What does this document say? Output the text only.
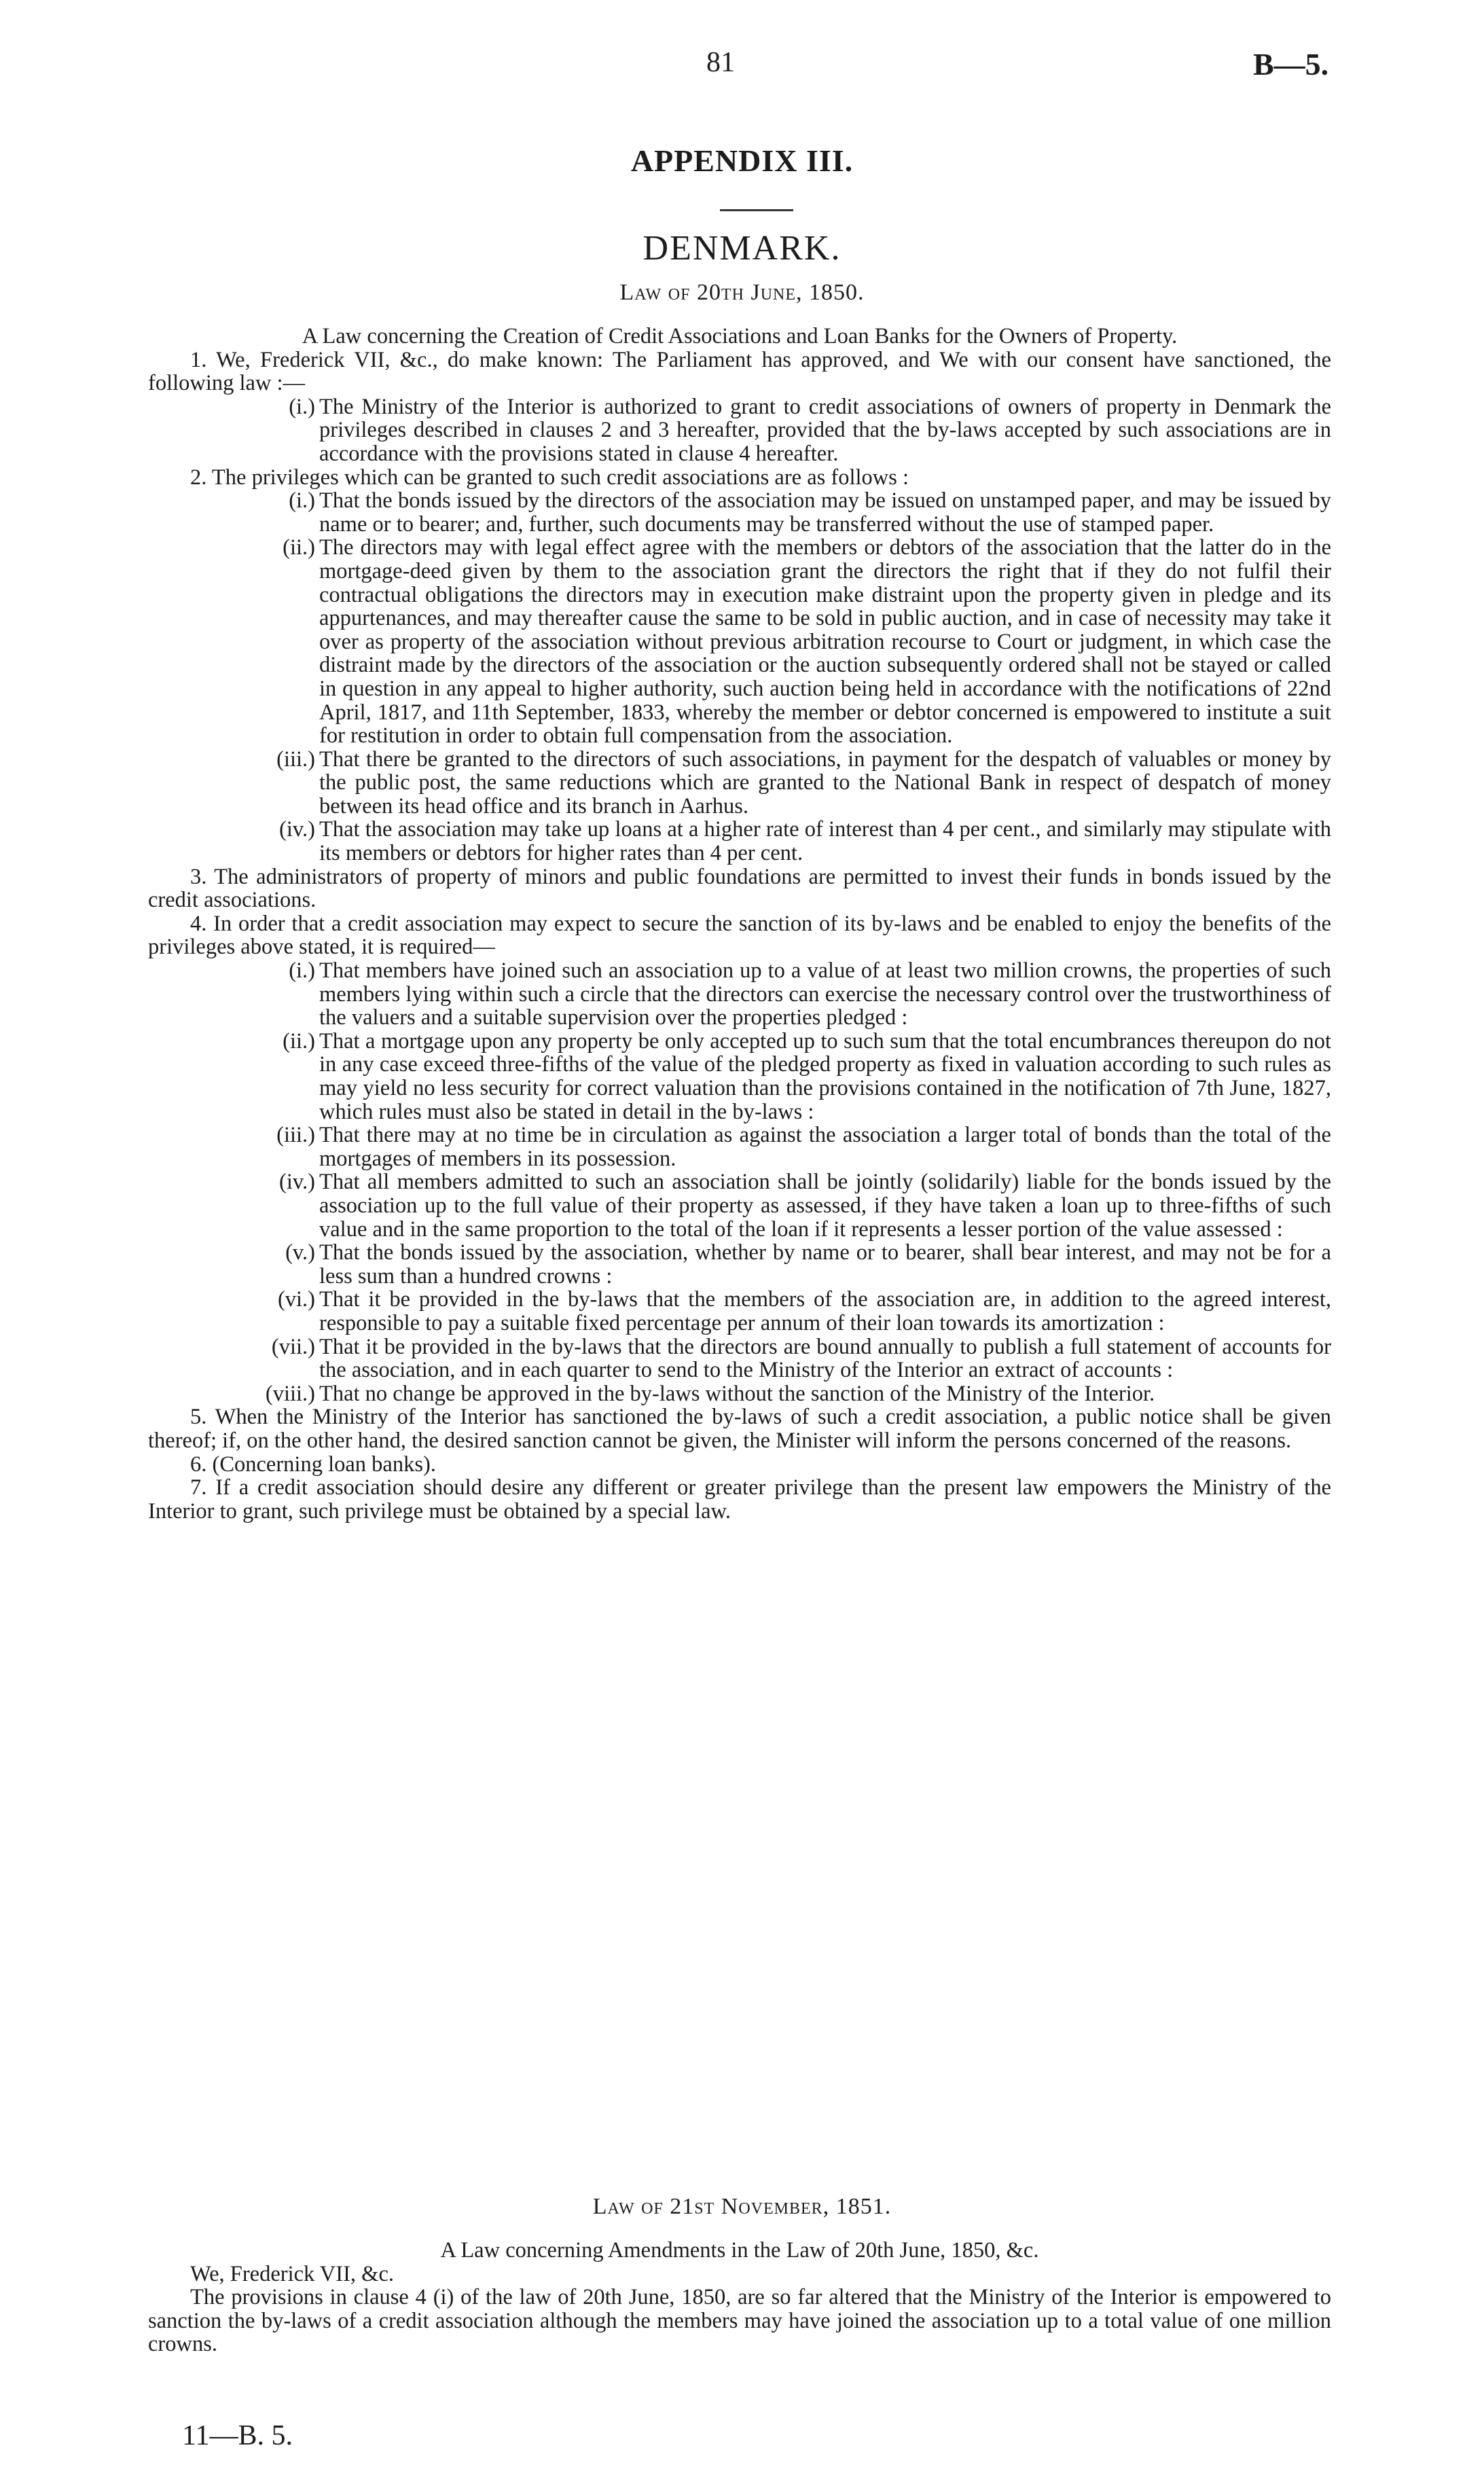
81	B—5.
APPENDIX III.
DENMARK.
Law of 20th June, 1850.

A Law concerning the Creation of Credit Associations and Loan Banks for the Owners of Property.

1. We, Frederick VII, &c., do make known: The Parliament has approved, and We with our consent have sanctioned, the following law :—

(i.) The Ministry of the Interior is authorized to grant to credit associations of owners of property in Denmark the privileges described in clauses 2 and 3 hereafter, provided that the by-laws accepted by such associations are in accordance with the provisions stated in clause 4 hereafter.

2. The privileges which can be granted to such credit associations are as follows :

(i.) That the bonds issued by the directors of the association may be issued on unstamped paper, and may be issued by name or to bearer; and, further, such documents may be transferred without the use of stamped paper.

(ii.) The directors may with legal effect agree with the members or debtors of the association that the latter do in the mortgage-deed given by them to the association grant the directors the right that if they do not fulfil their contractual obligations the directors may in execution make distraint upon the property given in pledge and its appurtenances, and may thereafter cause the same to be sold in public auction, and in case of necessity may take it over as property of the association without previous arbitration recourse to Court or judgment, in which case the distraint made by the directors of the association or the auction subsequently ordered shall not be stayed or called in question in any appeal to higher authority, such auction being held in accordance with the notifications of 22nd April, 1817, and 11th September, 1833, whereby the member or debtor concerned is empowered to institute a suit for restitution in order to obtain full compensation from the association.

(iii.) That there be granted to the directors of such associations, in payment for the despatch of valuables or money by the public post, the same reductions which are granted to the National Bank in respect of despatch of money between its head office and its branch in Aarhus.

(iv.) That the association may take up loans at a higher rate of interest than 4 per cent., and similarly may stipulate with its members or debtors for higher rates than 4 per cent.

3. The administrators of property of minors and public foundations are permitted to invest their funds in bonds issued by the credit associations.

4. In order that a credit association may expect to secure the sanction of its by-laws and be enabled to enjoy the benefits of the privileges above stated, it is required—

(i.) That members have joined such an association up to a value of at least two million crowns, the properties of such members lying within such a circle that the directors can exercise the necessary control over the trustworthiness of the valuers and a suitable supervision over the properties pledged :

(ii.) That a mortgage upon any property be only accepted up to such sum that the total encumbrances thereupon do not in any case exceed three-fifths of the value of the pledged property as fixed in valuation according to such rules as may yield no less security for correct valuation than the provisions contained in the notification of 7th June, 1827, which rules must also be stated in detail in the by-laws :

(iii.) That there may at no time be in circulation as against the association a larger total of bonds than the total of the mortgages of members in its possession.

(iv.) That all members admitted to such an association shall be jointly (solidarily) liable for the bonds issued by the association up to the full value of their property as assessed, if they have taken a loan up to three-fifths of such value and in the same proportion to the total of the loan if it represents a lesser portion of the value assessed :

(v.) That the bonds issued by the association, whether by name or to bearer, shall bear interest, and may not be for a less sum than a hundred crowns :

(vi.) That it be provided in the by-laws that the members of the association are, in addition to the agreed interest, responsible to pay a suitable fixed percentage per annum of their loan towards its amortization :

(vii.) That it be provided in the by-laws that the directors are bound annually to publish a full statement of accounts for the association, and in each quarter to send to the Ministry of the Interior an extract of accounts :

(viii.) That no change be approved in the by-laws without the sanction of the Ministry of the Interior.

5. When the Ministry of the Interior has sanctioned the by-laws of such a credit association, a public notice shall be given thereof; if, on the other hand, the desired sanction cannot be given, the Minister will inform the persons concerned of the reasons.

6. (Concerning loan banks).

7. If a credit association should desire any different or greater privilege than the present law empowers the Ministry of the Interior to grant, such privilege must be obtained by a special law.

Law of 21st November, 1851.

A Law concerning Amendments in the Law of 20th June, 1850, &c.

We, Frederick VII, &c.

The provisions in clause 4 (i) of the law of 20th June, 1850, are so far altered that the Ministry of the Interior is empowered to sanction the by-laws of a credit association although the members may have joined the association up to a total value of one million crowns.

11—B. 5.
